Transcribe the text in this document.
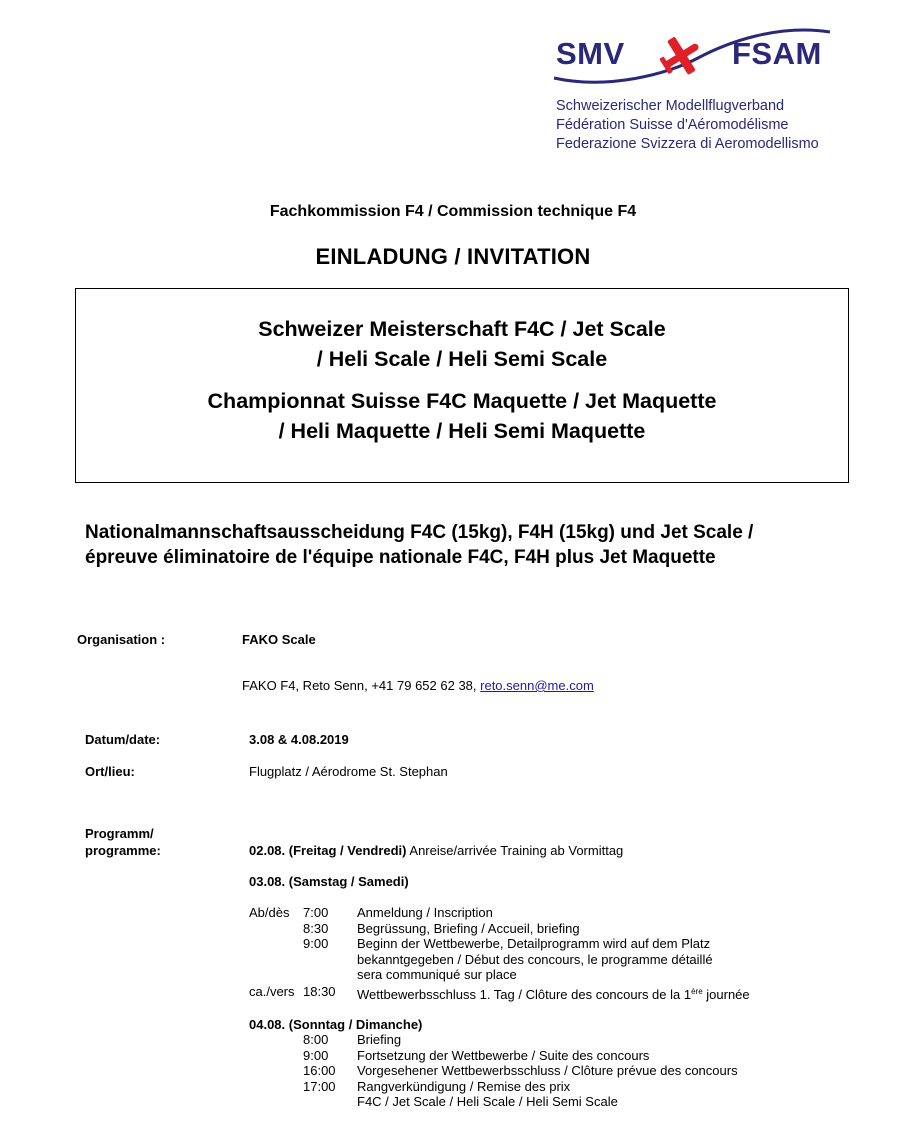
SMV	FSAM
Schweizerischer Modellflugverband
Fédération Suisse d'Aéromodélisme
Federazione Svizzera di Aeromodellismo
Fachkommission F4 / Commission technique F4
EINLADUNG / INVITATION
Schweizer Meisterschaft F4C / Jet Scale
/ Heli Scale / Heli Semi Scale
Championnat Suisse F4C Maquette / Jet Maquette
/ Heli Maquette / Heli Semi Maquette
Nationalmannschaftsausscheidung F4C (15kg), F4H (15kg) und Jet Scale / épreuve éliminatoire de l'équipe nationale F4C, F4H plus Jet Maquette
Organisation :	FAKO Scale
FAKO F4, Reto Senn, +41 79 652 62 38, reto.senn@me.com
Datum/date:	3.08 & 4.08.2019
Ort/lieu:	Flugplatz / Aérodrome St. Stephan
Programm/
programme:	02.08. (Freitag / Vendredi) Anreise/arrivée Training ab Vormittag
03.08. (Samstag / Samedi)
Ab/dès 7:00 Anmeldung / Inscription
8:30 Begrüssung, Briefing / Accueil, briefing
9:00 Beginn der Wettbewerbe, Detailprogramm wird auf dem Platz
bekanntgegeben / Début des concours, le programme détaillé
sera communiqué sur place
ca./vers 18:30 Wettbewerbsschluss 1. Tag / Clôture des concours de la 1ère journée
04.08. (Sonntag / Dimanche)
8:00 Briefing
9:00 Fortsetzung der Wettbewerbe / Suite des concours
16:00 Vorgesehener Wettbewerbsschluss / Clôture prévue des concours
17:00 Rangverkündigung / Remise des prix
F4C / Jet Scale / Heli Scale / Heli Semi Scale
